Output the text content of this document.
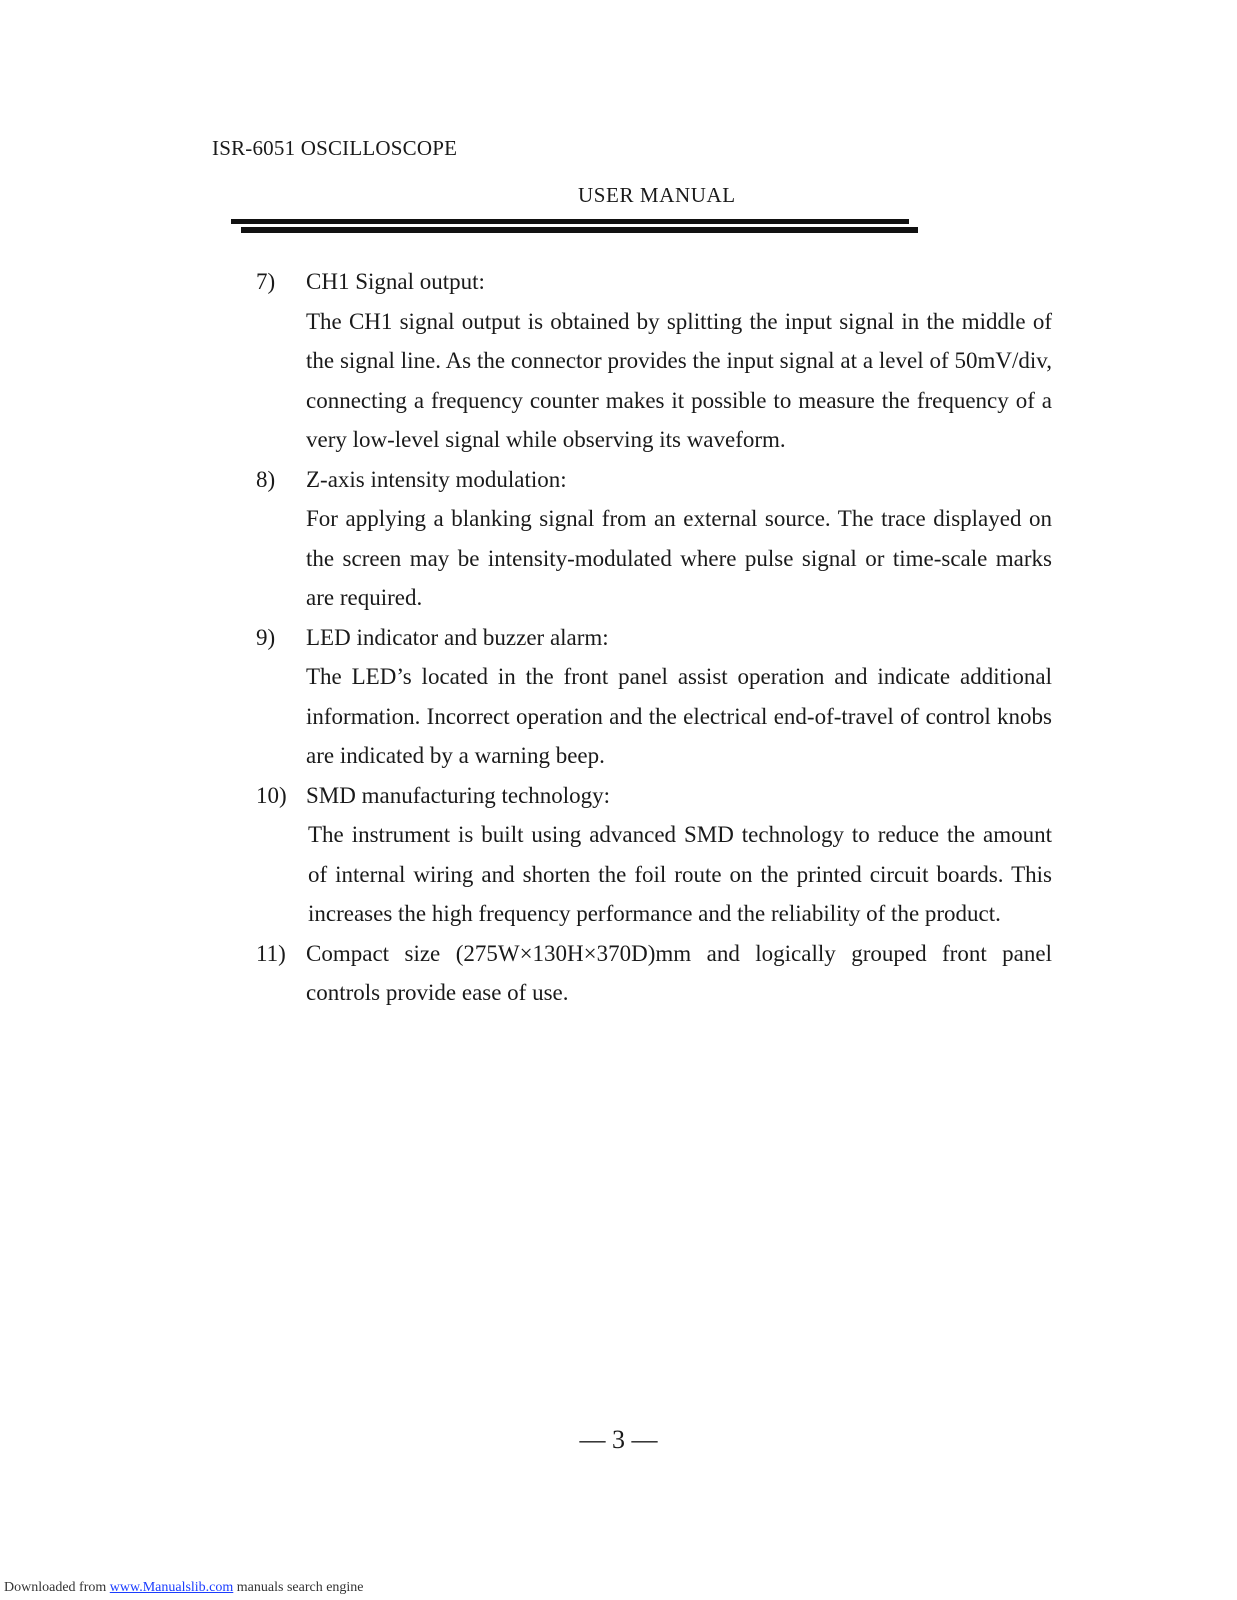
ISR-6051 OSCILLOSCOPE
USER MANUAL
7)	CH1 Signal output:
The CH1 signal output is obtained by splitting the input signal in the middle of the signal line. As the connector provides the input signal at a level of 50mV/div, connecting a frequency counter makes it possible to measure the frequency of a very low-level signal while observing its waveform.
8)	Z-axis intensity modulation:
For applying a blanking signal from an external source. The trace displayed on the screen may be intensity-modulated where pulse signal or time-scale marks are required.
9)	LED indicator and buzzer alarm:
The LED’s located in the front panel assist operation and indicate additional information. Incorrect operation and the electrical end-of-travel of control knobs are indicated by a warning beep.
10) SMD manufacturing technology:
The instrument is built using advanced SMD technology to reduce the amount of internal wiring and shorten the foil route on the printed circuit boards. This increases the high frequency performance and the reliability of the product.
11) Compact size (275W×130H×370D)mm and logically grouped front panel controls provide ease of use.
— 3 —
Downloaded from www.Manualslib.com manuals search engine
